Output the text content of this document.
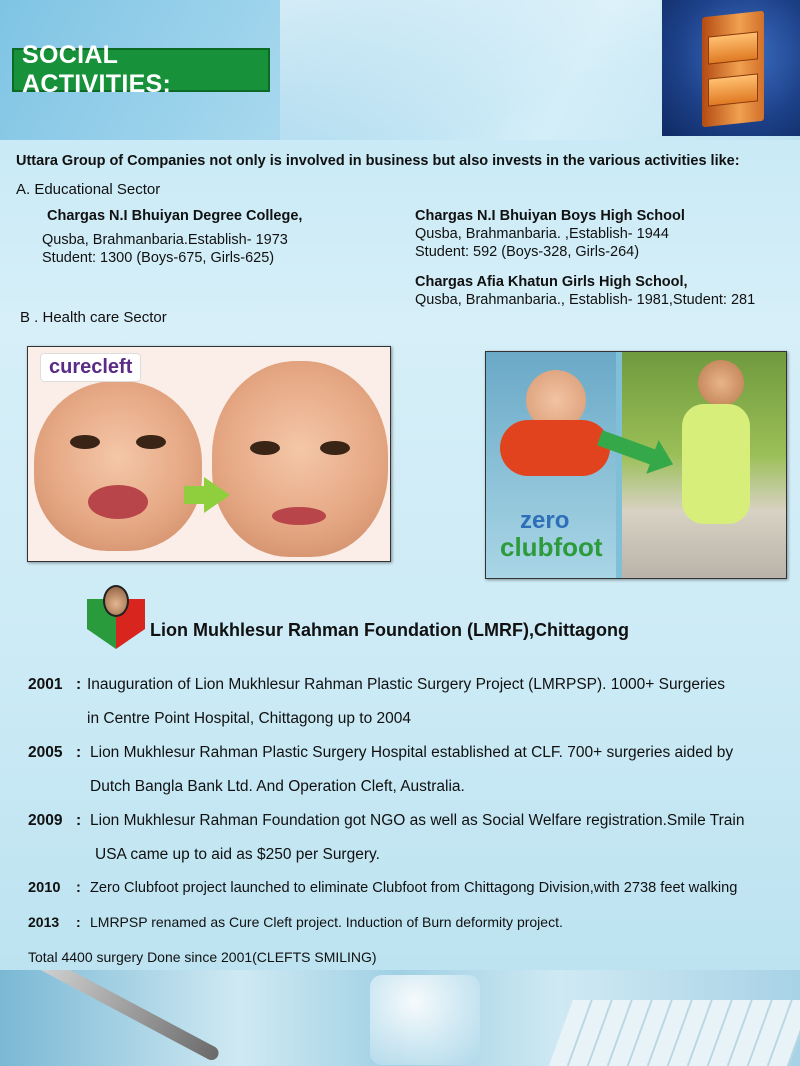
SOCIAL ACTIVITIES:
Uttara Group of Companies not only is involved in business but also invests in the various activities like:
A. Educational Sector
Chargas N.I Bhuiyan Degree College,
Qusba, Brahmanbaria.Establish- 1973
Student: 1300 (Boys-675, Girls-625)
Chargas N.I Bhuiyan Boys High School
Qusba, Brahmanbaria. ,Establish- 1944
Student: 592 (Boys-328, Girls-264)
Chargas Afia Khatun Girls High School,
Qusba, Brahmanbaria., Establish- 1981,Student: 281
B . Health care Sector
curecleft
zero
clubfoot
Lion Mukhlesur Rahman Foundation (LMRF),Chittagong
2001 : Inauguration of Lion Mukhlesur Rahman Plastic Surgery Project (LMRPSP). 1000+ Surgeries
in Centre Point Hospital, Chittagong up to 2004
2005 : Lion Mukhlesur Rahman Plastic Surgery Hospital established at CLF. 700+ surgeries aided by
Dutch Bangla Bank Ltd. And Operation Cleft, Australia.
2009 : Lion Mukhlesur Rahman Foundation got NGO as well as Social Welfare registration.Smile Train
USA came up to aid as $250 per Surgery.
2010 : Zero Clubfoot project launched to eliminate Clubfoot from Chittagong Division,with 2738 feet walking
2013 : LMRPSP renamed as Cure Cleft project. Induction of Burn deformity project.
Total 4400 surgery Done since 2001(CLEFTS SMILING)
